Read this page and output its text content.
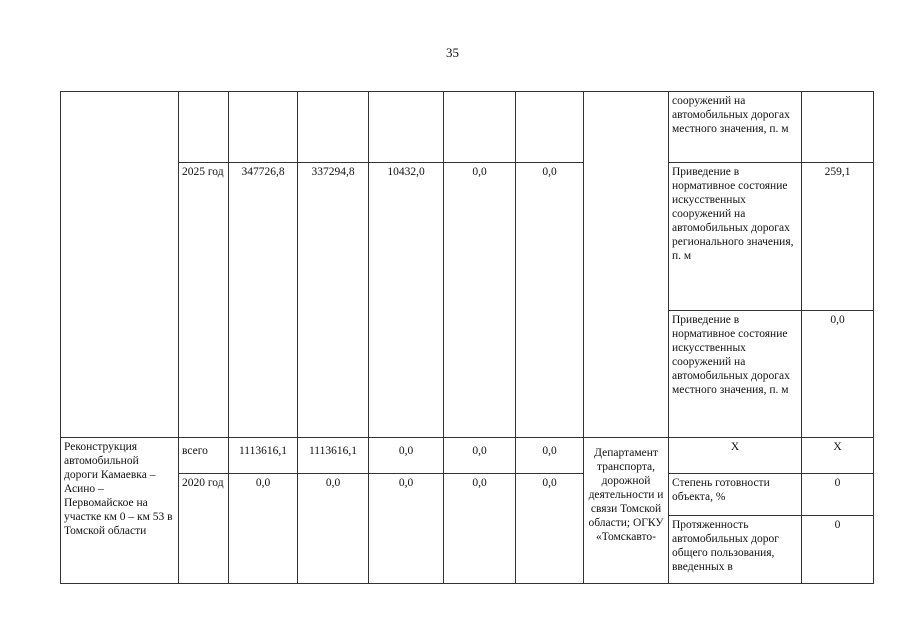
35
								сооружений на автомобильных дорогах местного значения, п. м	
	2025 год	347726,8	337294,8	10432,0	0,0	0,0		Приведение в нормативное состояние искусственных сооружений на автомобильных дорогах регионального значения, п. м	259,1
								Приведение в нормативное состояние искусственных сооружений на автомобильных дорогах местного значения, п. м	0,0
Реконструкция автомобильной дороги Камаевка – Асино – Первомайское на участке км 0 – км 53 в Томской области	всего	1113616,1	1113616,1	0,0	0,0	0,0	Департамент транспорта, дорожной деятельности и связи Томской области; ОГКУ «Томскавто-	Х	Х
	2020 год	0,0	0,0	0,0	0,0	0,0		Степень готовности объекта, %	0
								Протяженность автомобильных дорог общего пользования, введенных в	0
